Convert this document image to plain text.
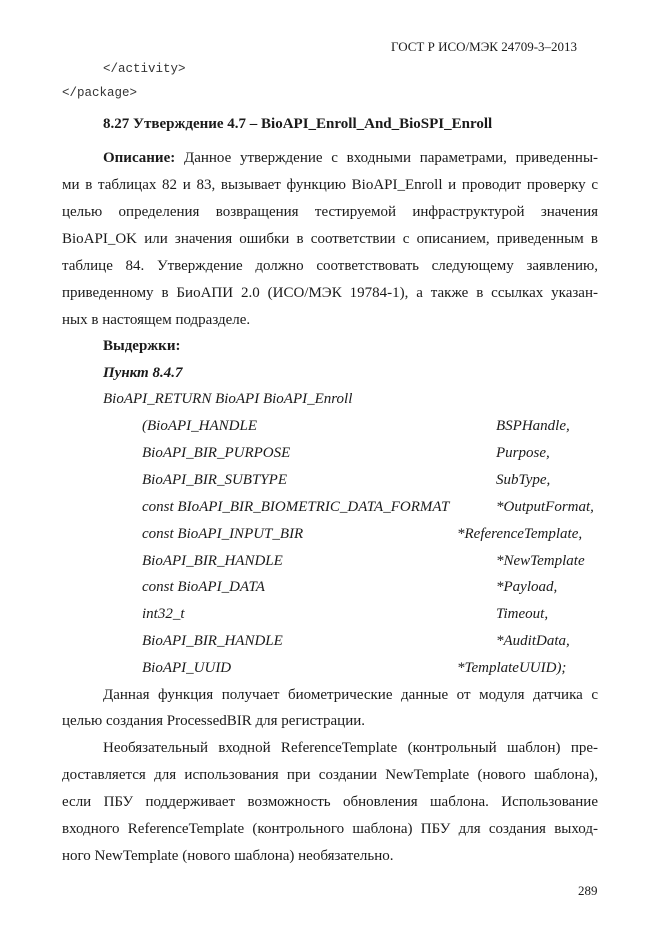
ГОСТ Р ИСО/МЭК 24709-3–2013
</activity>
</package>
8.27 Утверждение 4.7 – BioAPI_Enroll_And_BioSPI_Enroll
Описание: Данное утверждение с входными параметрами, приведенны-
ми в таблицах 82 и 83, вызывает функцию BioAPI_Enroll и проводит проверку с
целью определения возвращения тестируемой инфраструктурой значения
BioAPI_OK или значения ошибки в соответствии с описанием, приведенным в
таблице 84. Утверждение должно соответствовать следующему заявлению,
приведенному в БиоАПИ 2.0 (ИСО/МЭК 19784-1), а также в ссылках указан-
ных в настоящем подразделе.
Выдержки:
Пункт 8.4.7
BioAPI_RETURN BioAPI BioAPI_Enroll
(BioAPI_HANDLE	BSPHandle,
BioAPI_BIR_PURPOSE	Purpose,
BioAPI_BIR_SUBTYPE	SubType,
const BIoAPI_BIR_BIOMETRIC_DATA_FORMAT	*OutputFormat,
const BioAPI_INPUT_BIR	*ReferenceTemplate,
BioAPI_BIR_HANDLE	*NewTemplate
const BioAPI_DATA	*Payload,
int32_t	Timeout,
BioAPI_BIR_HANDLE	*AuditData,
BioAPI_UUID	*TemplateUUID);
Данная функция получает биометрические данные от модуля датчика с
целью создания ProcessedBIR для регистрации.
Необязательный входной ReferenceTemplate (контрольный шаблон) пре-
доставляется для использования при создании NewTemplate (нового шаблона),
если ПБУ поддерживает возможность обновления шаблона. Использование
входного ReferenceTemplate (контрольного шаблона) ПБУ для создания выход-
ного NewTemplate (нового шаблона) необязательно.
289
